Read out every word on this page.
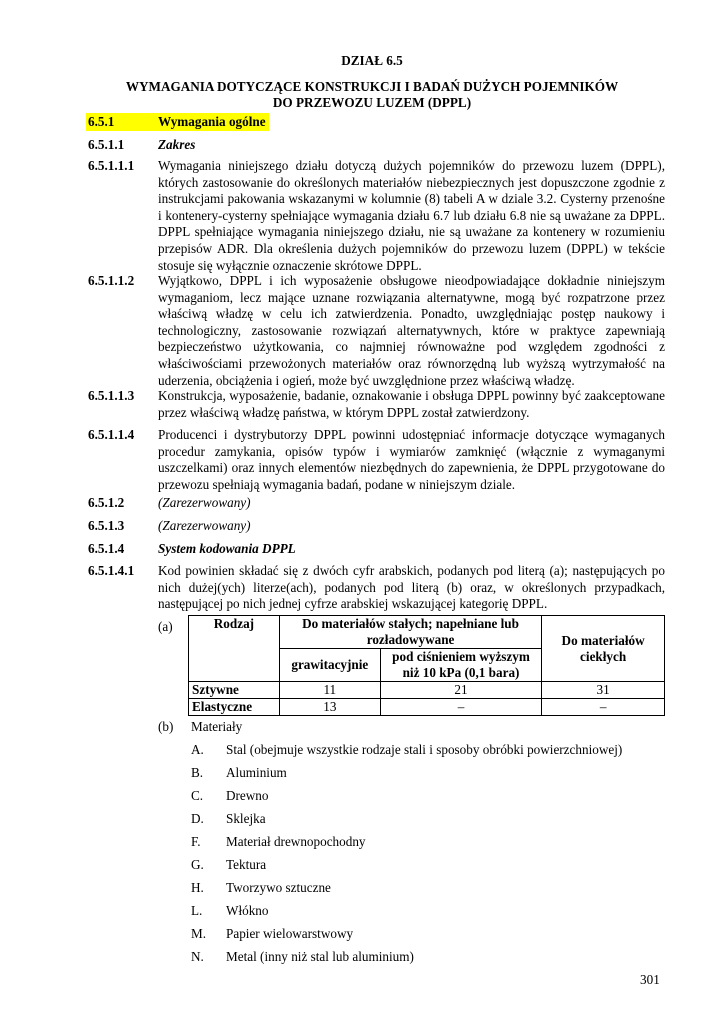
DZIAŁ 6.5
WYMAGANIA DOTYCZĄCE KONSTRUKCJI I BADAŃ DUŻYCH POJEMNIKÓW
DO PRZEWOZU LUZEM (DPPL)
6.5.1	Wymagania ogólne
6.5.1.1	Zakres
6.5.1.1.1 Wymagania niniejszego działu dotyczą dużych pojemników do przewozu luzem (DPPL), których zastosowanie do określonych materiałów niebezpiecznych jest dopuszczone zgodnie z instrukcjami pakowania wskazanymi w kolumnie (8) tabeli A w dziale 3.2. Cysterny przenośne i kontenery-cysterny spełniające wymagania działu 6.7 lub działu 6.8 nie są uważane za DPPL. DPPL spełniające wymagania niniejszego działu, nie są uważane za kontenery w rozumieniu przepisów ADR. Dla określenia dużych pojemników do przewozu luzem (DPPL) w tekście stosuje się wyłącznie oznaczenie skrótowe DPPL.
6.5.1.1.2 Wyjątkowo, DPPL i ich wyposażenie obsługowe nieodpowiadające dokładnie niniejszym wymaganiom, lecz mające uznane rozwiązania alternatywne, mogą być rozpatrzone przez właściwą władzę w celu ich zatwierdzenia. Ponadto, uwzględniając postęp naukowy i technologiczny, zastosowanie rozwiązań alternatywnych, które w praktyce zapewniają bezpieczeństwo użytkowania, co najmniej równoważne pod względem zgodności z właściwościami przewożonych materiałów oraz równorzędną lub wyższą wytrzymałość na uderzenia, obciążenia i ogień, może być uwzględnione przez właściwą władzę.
6.5.1.1.3 Konstrukcja, wyposażenie, badanie, oznakowanie i obsługa DPPL powinny być zaakceptowane przez właściwą władzę państwa, w którym DPPL został zatwierdzony.
6.5.1.1.4 Producenci i dystrybutorzy DPPL powinni udostępniać informacje dotyczące wymaganych procedur zamykania, opisów typów i wymiarów zamknięć (włącznie z wymaganymi uszczelkami) oraz innych elementów niezbędnych do zapewnienia, że DPPL przygotowane do przewozu spełniają wymagania badań, podane w niniejszym dziale.
6.5.1.2	(Zarezerwowany)
6.5.1.3	(Zarezerwowany)
6.5.1.4	System kodowania DPPL
6.5.1.4.1 Kod powinien składać się z dwóch cyfr arabskich, podanych pod literą (a); następujących po nich dużej(ych) literze(ach), podanych pod literą (b) oraz, w określonych przypadkach, następującej po nich jednej cyfrze arabskiej wskazującej kategorię DPPL.
(a)	Rodzaj	Do materiałów stałych; napełniane lub rozładowywane		Do materiałów ciekłych
	grawitacyjnie	pod ciśnieniem wyższym niż 10 kPa (0,1 bara)	
Sztywne	11	21	31
Elastyczne	13	–	–
(b) Materiały
A. Stal (obejmuje wszystkie rodzaje stali i sposoby obróbki powierzchniowej)
B. Aluminium
C. Drewno
D. Sklejka
F. Materiał drewnopochodny
G. Tektura
H. Tworzywo sztuczne
L. Włókno
M. Papier wielowarstwowy
N. Metal (inny niż stal lub aluminium)
301
